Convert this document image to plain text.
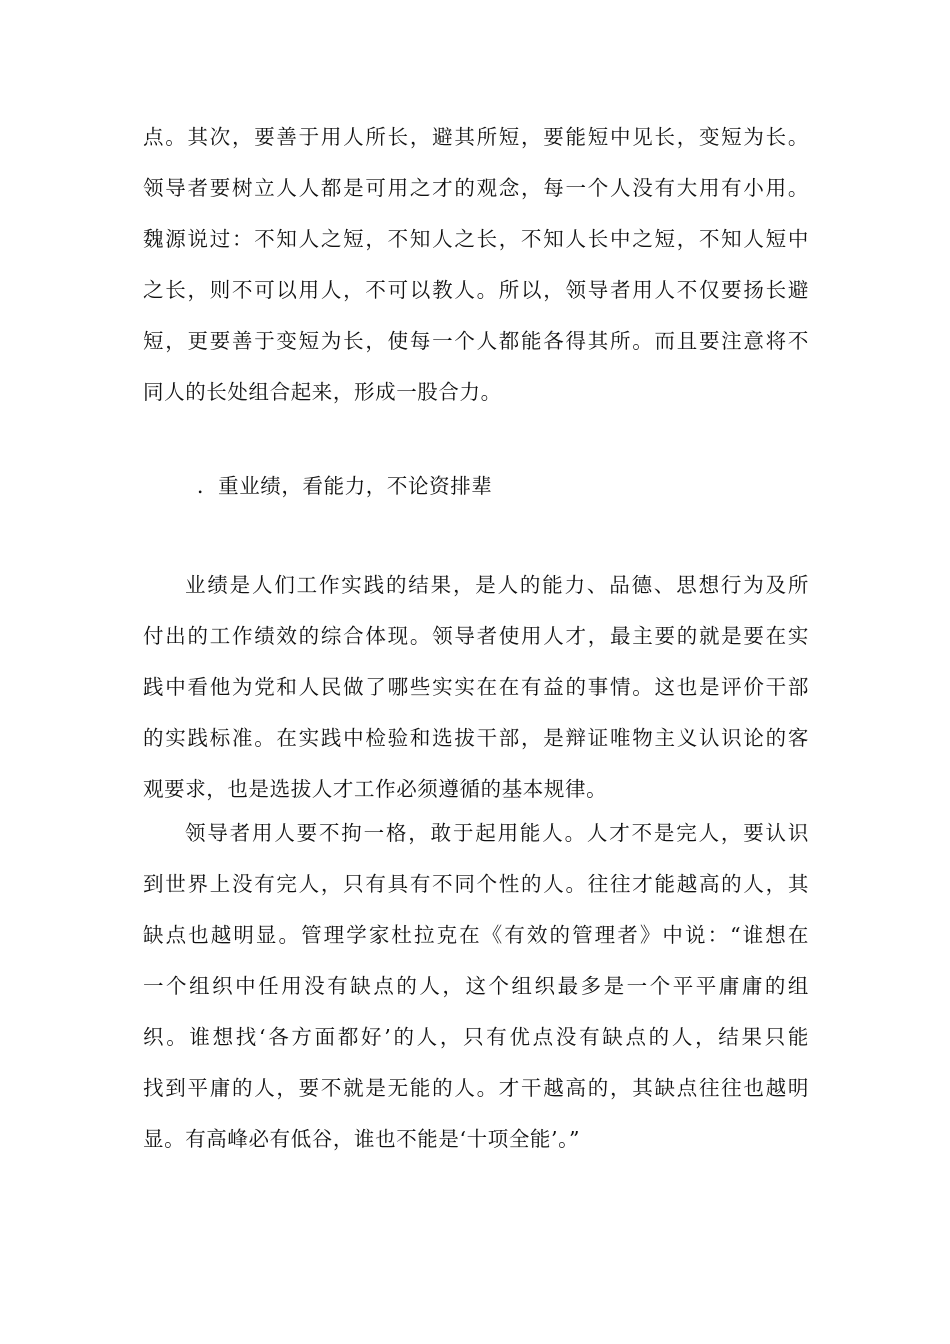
点。其次，要善于用人所长，避其所短，要能短中见长，变短为长。
领导者要树立人人都是可用之才的观念，每一个人没有大用有小用。
魏源说过：不知人之短，不知人之长，不知人长中之短，不知人短中
之长，则不可以用人，不可以教人。所以，领导者用人不仅要扬长避
短，更要善于变短为长，使每一个人都能各得其所。而且要注意将不
同人的长处组合起来，形成一股合力。
．重业绩，看能力，不论资排辈
业绩是人们工作实践的结果，是人的能力、品德、思想行为及所
付出的工作绩效的综合体现。领导者使用人才，最主要的就是要在实
践中看他为党和人民做了哪些实实在在有益的事情。这也是评价干部
的实践标准。在实践中检验和选拔干部，是辩证唯物主义认识论的客
观要求，也是选拔人才工作必须遵循的基本规律。
领导者用人要不拘一格，敢于起用能人。人才不是完人，要认识
到世界上没有完人，只有具有不同个性的人。往往才能越高的人，其
缺点也越明显。管理学家杜拉克在《有效的管理者》中说：“谁想在
一个组织中任用没有缺点的人，这个组织最多是一个平平庸庸的组
织。谁想找‘各方面都好’的人，只有优点没有缺点的人，结果只能
找到平庸的人，要不就是无能的人。才干越高的，其缺点往往也越明
显。有高峰必有低谷，谁也不能是‘十项全能’。”
